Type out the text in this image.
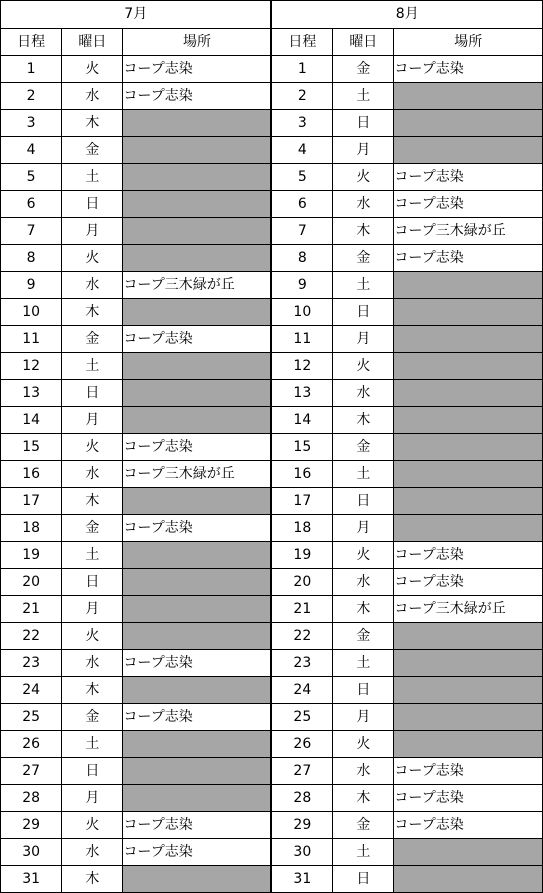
7月			8月		
日程	曜日	場所	日程	曜日	場所
1	火	コープ志染	1	金	コープ志染
2	水	コープ志染	2	土	
3	木		3	日	
4	金		4	月	
5	土		5	火	コープ志染
6	日		6	水	コープ志染
7	月		7	木	コープ三木緑が丘
8	火		8	金	コープ志染
9	水	コープ三木緑が丘	9	土	
10	木		10	日	
11	金	コープ志染	11	月	
12	土		12	火	
13	日		13	水	
14	月		14	木	
15	火	コープ志染	15	金	
16	水	コープ三木緑が丘	16	土	
17	木		17	日	
18	金	コープ志染	18	月	
19	土		19	火	コープ志染
20	日		20	水	コープ志染
21	月		21	木	コープ三木緑が丘
22	火		22	金	
23	水	コープ志染	23	土	
24	木		24	日	
25	金	コープ志染	25	月	
26	土		26	火	
27	日		27	水	コープ志染
28	月		28	木	コープ志染
29	火	コープ志染	29	金	コープ志染
30	水	コープ志染	30	土	
31	木		31	日	
